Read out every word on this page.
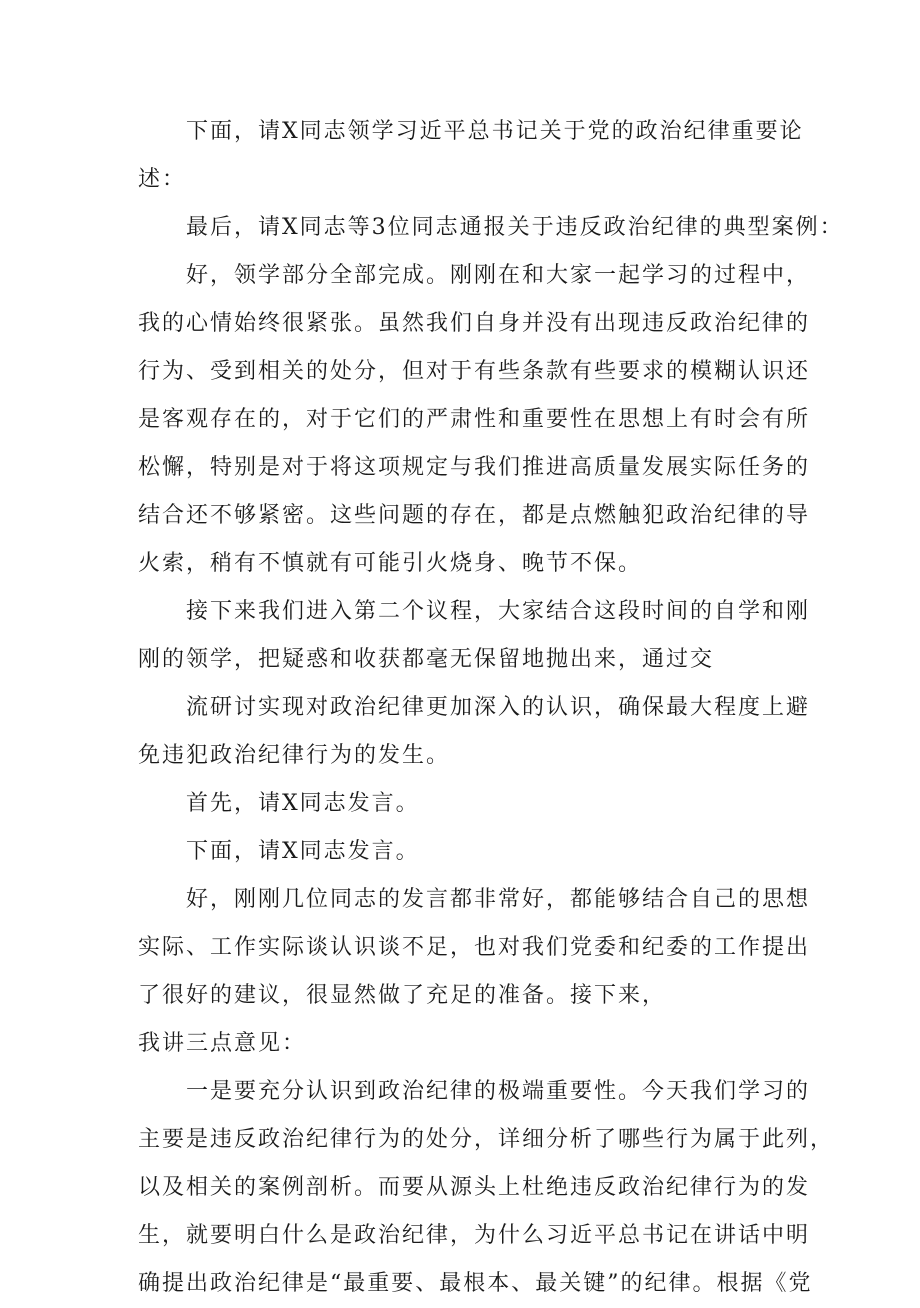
下面，请X同志领学习近平总书记关于党的政治纪律重要论
述：
最后，请X同志等3位同志通报关于违反政治纪律的典型案例：
好，领学部分全部完成。刚刚在和大家一起学习的过程中，
我的心情始终很紧张。虽然我们自身并没有出现违反政治纪律的
行为、受到相关的处分，但对于有些条款有些要求的模糊认识还
是客观存在的，对于它们的严肃性和重要性在思想上有时会有所
松懈，特别是对于将这项规定与我们推进高质量发展实际任务的
结合还不够紧密。这些问题的存在，都是点燃触犯政治纪律的导
火索，稍有不慎就有可能引火烧身、晚节不保。
接下来我们进入第二个议程，大家结合这段时间的自学和刚
刚的领学，把疑惑和收获都毫无保留地抛出来，通过交
流研讨实现对政治纪律更加深入的认识，确保最大程度上避
免违犯政治纪律行为的发生。
首先，请X同志发言。
下面，请X同志发言。
好，刚刚几位同志的发言都非常好，都能够结合自己的思想
实际、工作实际谈认识谈不足，也对我们党委和纪委的工作提出
了很好的建议，很显然做了充足的准备。接下来，
我讲三点意见：
一是要充分认识到政治纪律的极端重要性。今天我们学习的
主要是违反政治纪律行为的处分，详细分析了哪些行为属于此列，
以及相关的案例剖析。而要从源头上杜绝违反政治纪律行为的发
生，就要明白什么是政治纪律，为什么习近平总书记在讲话中明
确提出政治纪律是“最重要、最根本、最关键”的纪律。根据《党
